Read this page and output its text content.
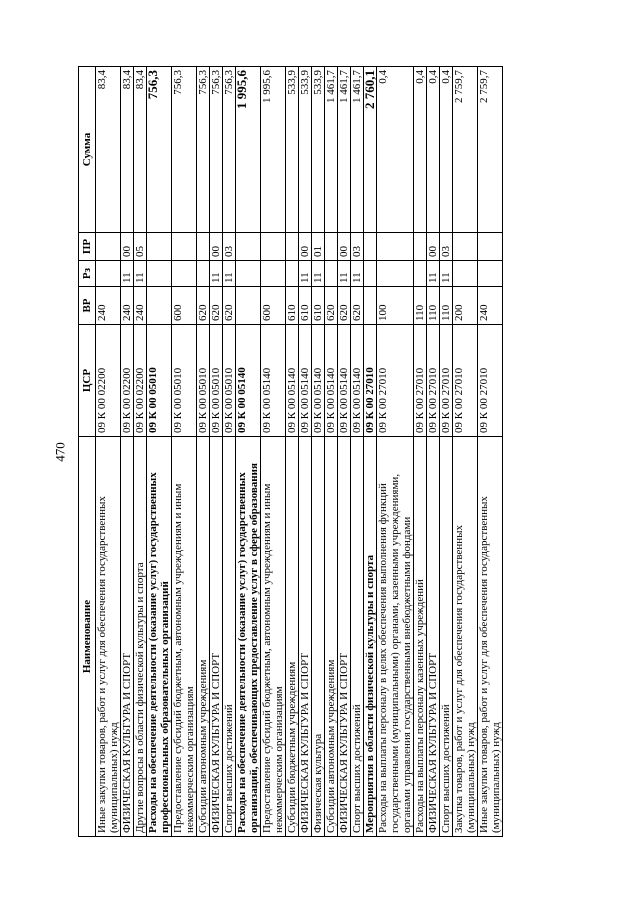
470
Наименование	ЦСР	ВР	Рз	ПР	Сумма
Иные закупки товаров, работ и услуг для обеспечения государственных (муниципальных) нужд	09 К 00 02200	240			83,4
ФИЗИЧЕСКАЯ КУЛЬТУРА И СПОРТ	09 К 00 02200	240	11	00	83,4
Другие вопросы в области физической культуры и спорта	09 К 00 02200	240	11	05	83,4
Расходы на обеспечение деятельности (оказание услуг) государственных профессиональных образовательных организаций	09 К 00 05010				756,3
Предоставление субсидий бюджетным, автономным учреждениям и иным некоммерческим организациям	09 К 00 05010	600			756,3
Субсидии автономным учреждениям	09 К 00 05010	620			756,3
ФИЗИЧЕСКАЯ КУЛЬТУРА И СПОРТ	09 К 00 05010	620	11	00	756,3
Спорт высших достижений	09 К 00 05010	620	11	03	756,3
Расходы на обеспечение деятельности (оказание услуг) государственных организаций, обеспечивающих предоставление услуг в сфере образования	09 К 00 05140				1 995,6
Предоставление субсидий бюджетным, автономным учреждениям и иным некоммерческим организациям	09 К 00 05140	600			1 995,6
Субсидии бюджетным учреждениям	09 К 00 05140	610			533,9
ФИЗИЧЕСКАЯ КУЛЬТУРА И СПОРТ	09 К 00 05140	610	11	00	533,9
Физическая культура	09 К 00 05140	610	11	01	533,9
Субсидии автономным учреждениям	09 К 00 05140	620			1 461,7
ФИЗИЧЕСКАЯ КУЛЬТУРА И СПОРТ	09 К 00 05140	620	11	00	1 461,7
Спорт высших достижений	09 К 00 05140	620	11	03	1 461,7
Мероприятия в области физической культуры и спорта	09 К 00 27010				2 760,1
Расходы на выплаты персоналу в целях обеспечения выполнения функций государственными (муниципальными) органами, казенными учреждениями, органами управления государственными внебюджетными фондами	09 К 00 27010	100			0,4
Расходы на выплаты персоналу казенных учреждений	09 К 00 27010	110			0,4
ФИЗИЧЕСКАЯ КУЛЬТУРА И СПОРТ	09 К 00 27010	110	11	00	0,4
Спорт высших достижений	09 К 00 27010	110	11	03	0,4
Закупка товаров, работ и услуг для обеспечения государственных (муниципальных) нужд	09 К 00 27010	200			2 759,7
Иные закупки товаров, работ и услуг для обеспечения государственных (муниципальных) нужд	09 К 00 27010	240			2 759,7
